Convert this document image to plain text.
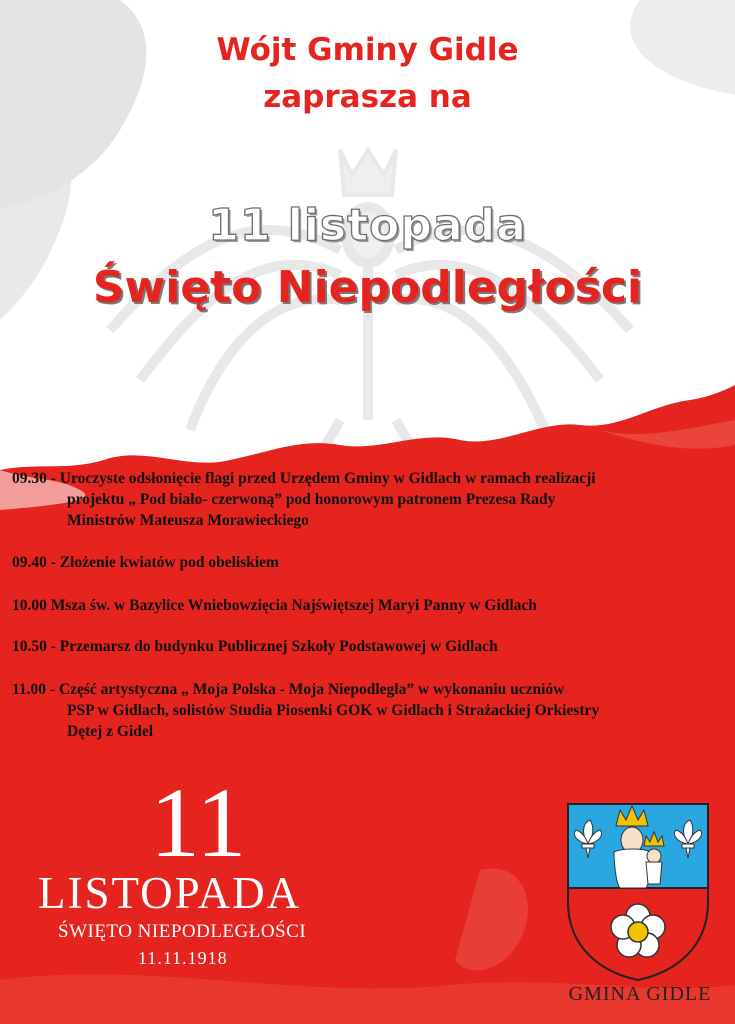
Wójt Gminy Gidle
zaprasza na
11 listopada
Święto Niepodległości
09.30 - Uroczyste odsłonięcie flagi przed Urzędem Gminy w Gidlach w ramach realizacji
projektu „ Pod biało- czerwoną” pod honorowym patronem Prezesa Rady
Ministrów Mateusza Morawieckiego
09.40 - Złożenie kwiatów pod obeliskiem
10.00 Msza św. w Bazylice Wniebowzięcia Najświętszej Maryi Panny w Gidlach
10.50 - Przemarsz do budynku Publicznej Szkoły Podstawowej w Gidlach
11.00 - Część artystyczna „ Moja Polska - Moja Niepodległa” w wykonaniu uczniów
PSP w Gidlach, solistów Studia Piosenki GOK w Gidlach i Strażackiej Orkiestry
Dętej z Gidel
11
LISTOPADA
ŚWIĘTO NIEPODLEGŁOŚCI
11.11.1918
GMINA GIDLE
